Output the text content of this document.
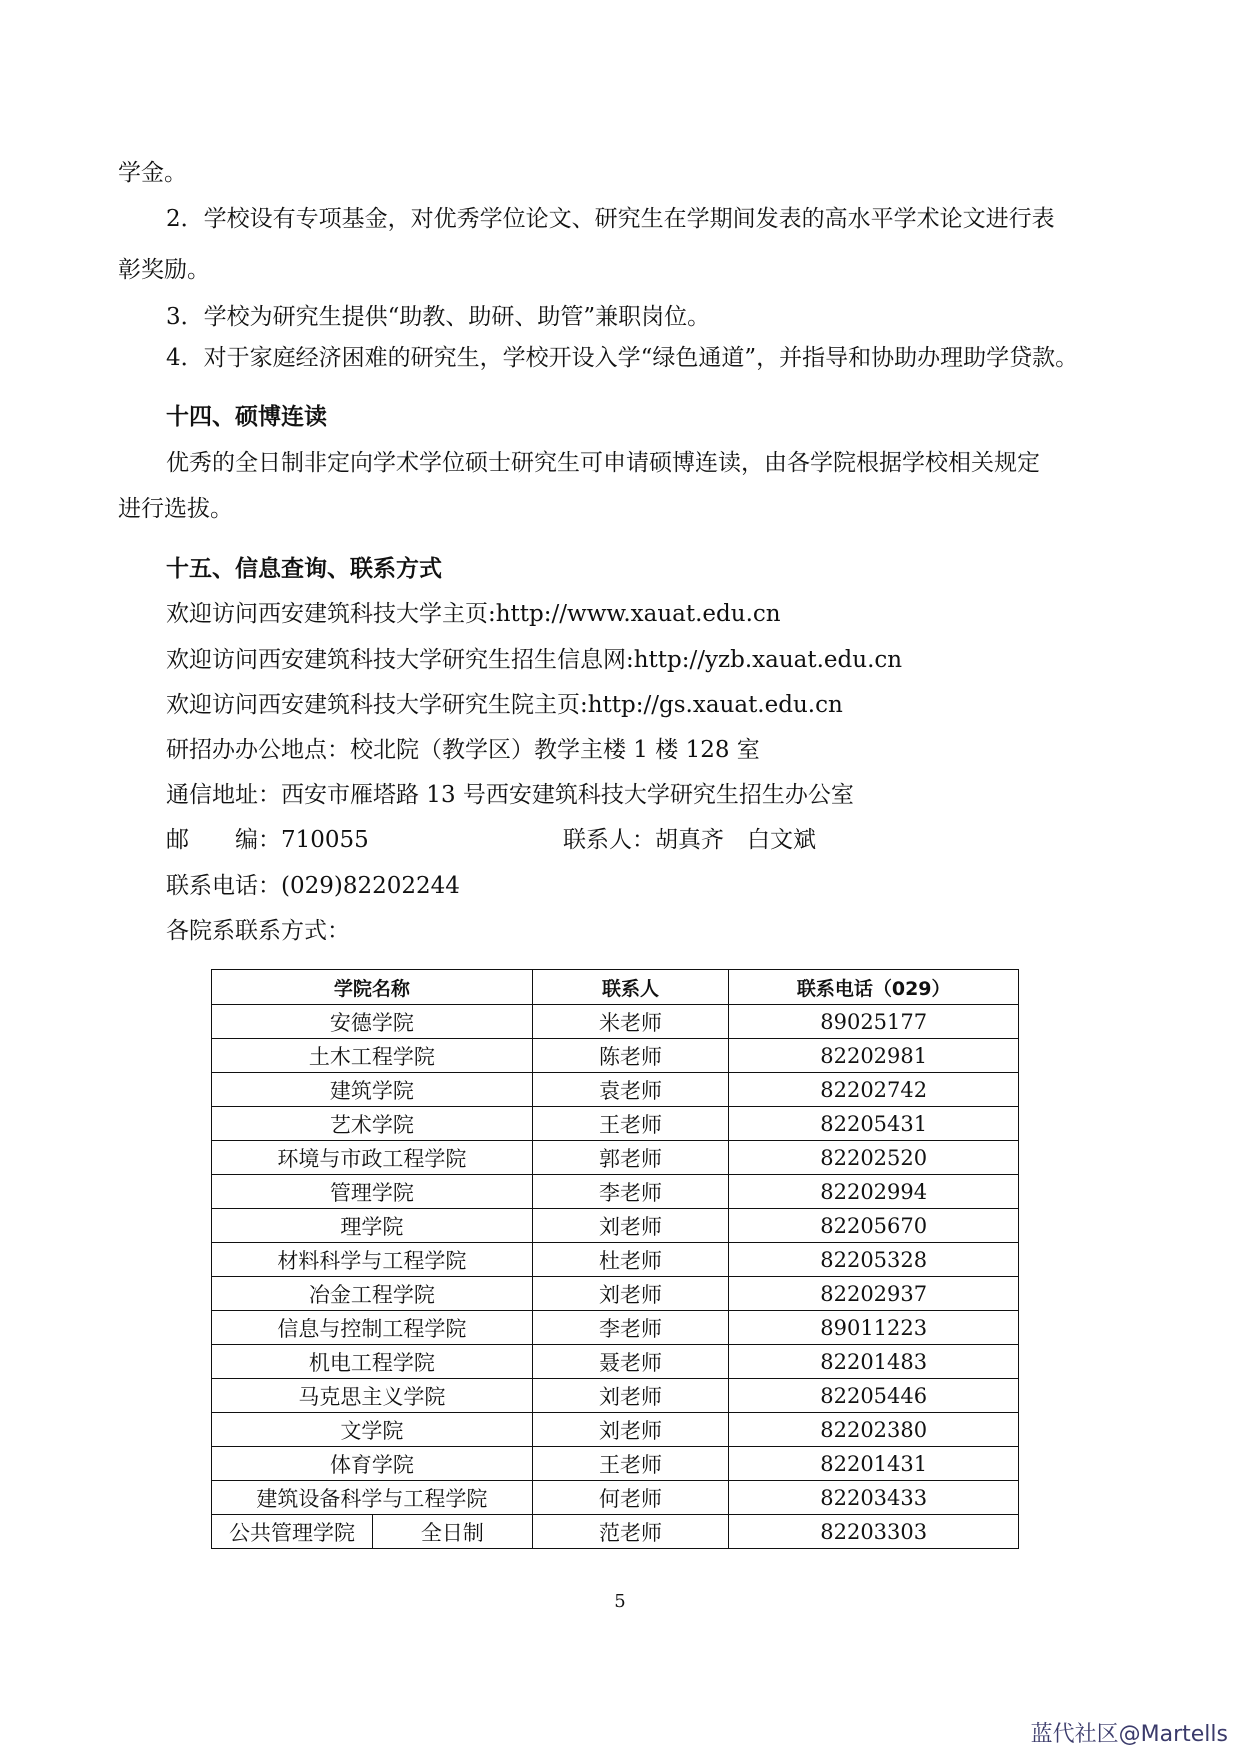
学金。
2．学校设有专项基金，对优秀学位论文、研究生在学期间发表的高水平学术论文进行表
彰奖励。
3．学校为研究生提供“助教、助研、助管”兼职岗位。
4．对于家庭经济困难的研究生，学校开设入学“绿色通道”，并指导和协助办理助学贷款。
十四、硕博连读
优秀的全日制非定向学术学位硕士研究生可申请硕博连读，由各学院根据学校相关规定
进行选拔。
十五、信息查询、联系方式
欢迎访问西安建筑科技大学主页:http://www.xauat.edu.cn
欢迎访问西安建筑科技大学研究生招生信息网:http://yzb.xauat.edu.cn
欢迎访问西安建筑科技大学研究生院主页:http://gs.xauat.edu.cn
研招办办公地点：校北院（教学区）教学主楼 1 楼 128 室
通信地址：西安市雁塔路 13 号西安建筑科技大学研究生招生办公室
邮　　编：710055	联系人：胡真齐　白文斌
联系电话：(029)82202244
各院系联系方式：
学院名称		联系人	联系电话（029）
安德学院		米老师	89025177
土木工程学院		陈老师	82202981
建筑学院		袁老师	82202742
艺术学院		王老师	82205431
环境与市政工程学院		郭老师	82202520
管理学院		李老师	82202994
理学院		刘老师	82205670
材料科学与工程学院		杜老师	82205328
冶金工程学院		刘老师	82202937
信息与控制工程学院		李老师	89011223
机电工程学院		聂老师	82201483
马克思主义学院		刘老师	82205446
文学院		刘老师	82202380
体育学院		王老师	82201431
建筑设备科学与工程学院		何老师	82203433
公共管理学院	全日制	范老师	82203303
5
蓝代社区@Martells
